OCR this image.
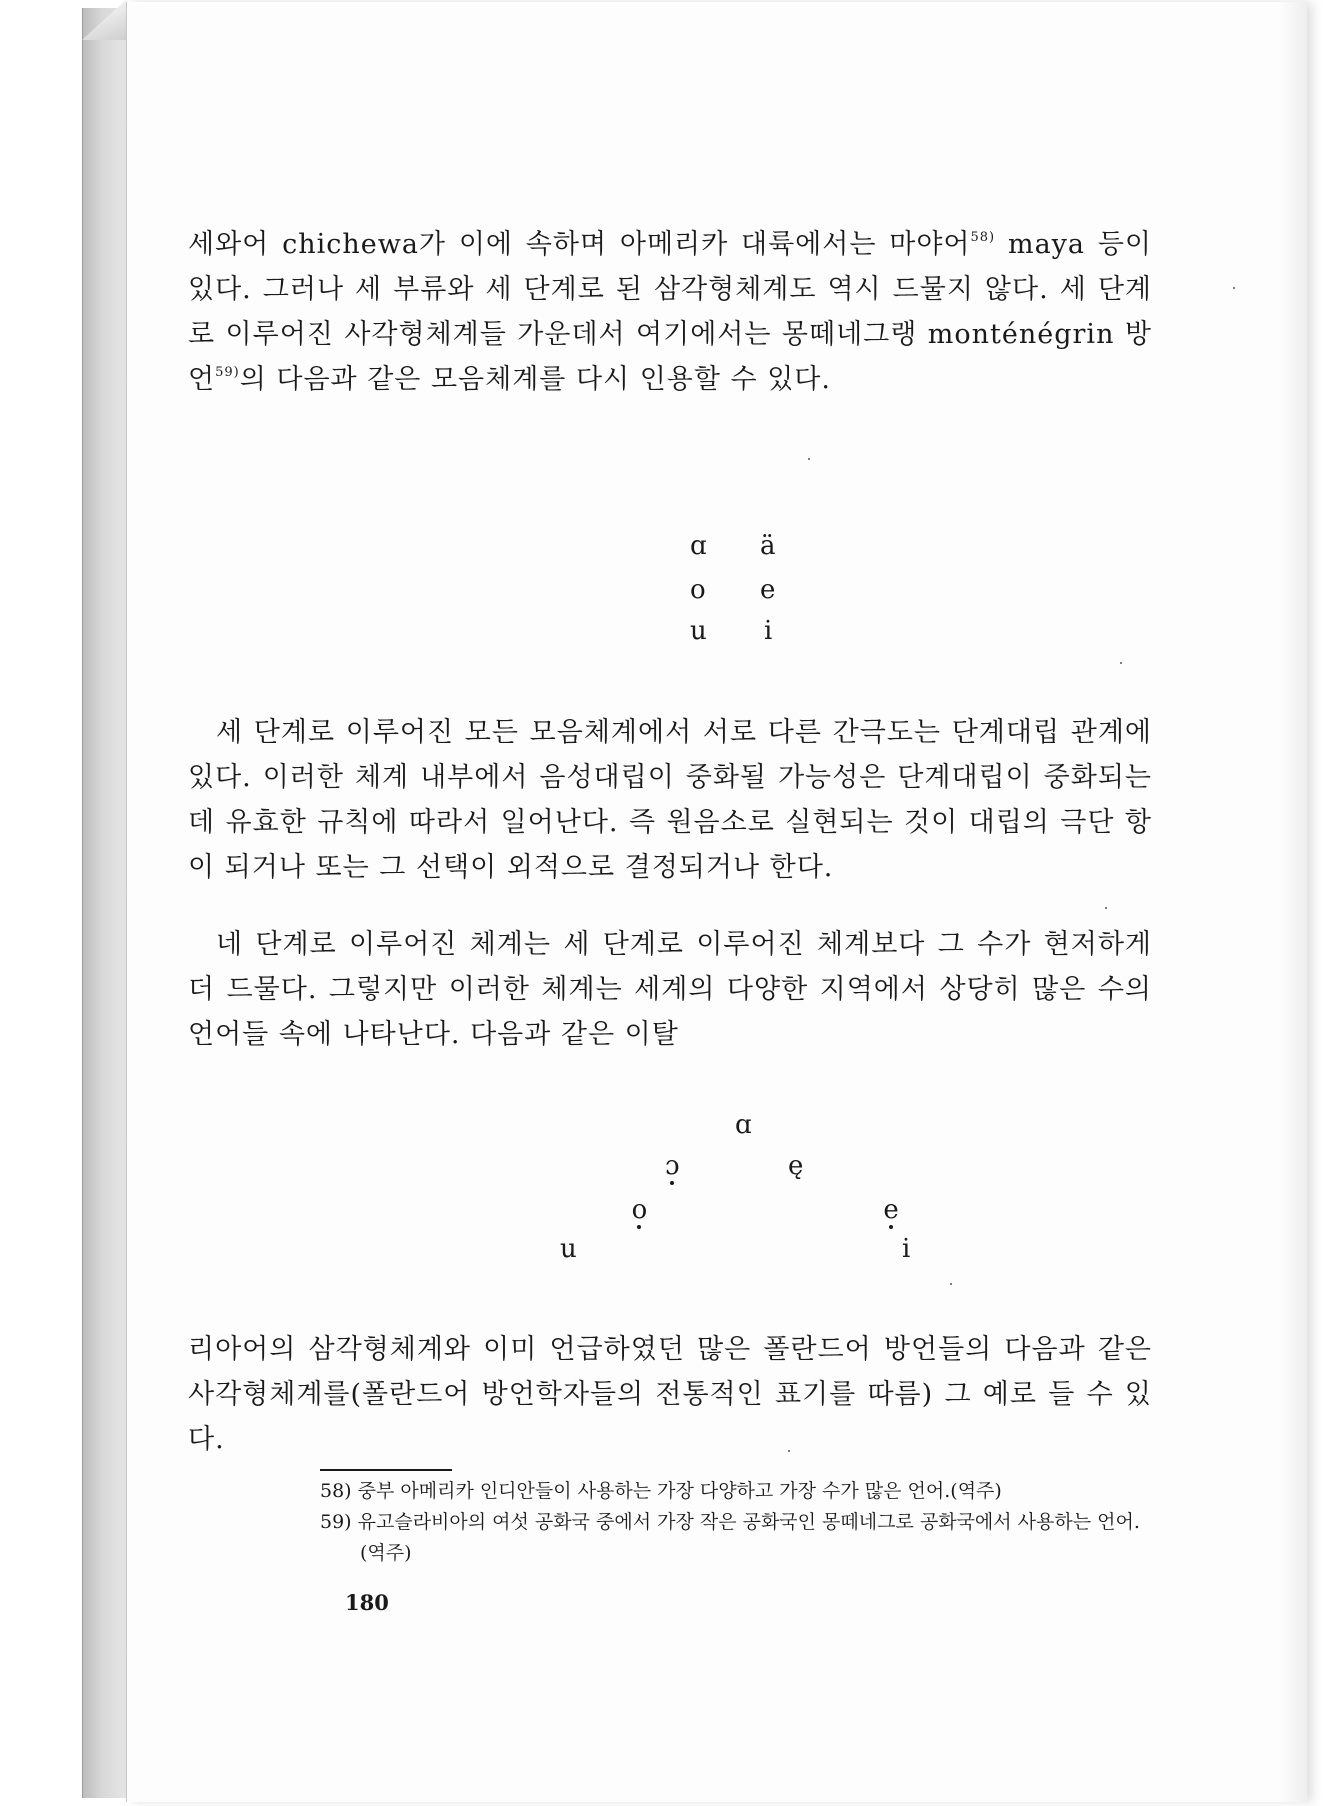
세와어 chichewa가 이에 속하며 아메리카 대륙에서는 마야어$^{58)}$ maya 등이 있다. 그러나 세 부류와 세 단계로 된 삼각형체계도 역시 드물지 않다. 세 단계로 이루어진 사각형체계들 가운데서 여기에서는 몽떼네그랭 monténégrin 방언$^{59)}$의 다음과 같은 모음체계를 다시 인용할 수 있다.

ɑ ä
o e
u i

세 단계로 이루어진 모든 모음체계에서 서로 다른 간극도는 단계대립 관계에 있다. 이러한 체계 내부에서 음성대립이 중화될 가능성은 단계대립이 중화되는 데 유효한 규칙에 따라서 일어난다. 즉 원음소로 실현되는 것이 대립의 극단 항이 되거나 또는 그 선택이 외적으로 결정되거나 한다.

네 단계로 이루어진 체계는 세 단계로 이루어진 체계보다 그 수가 현저하게 더 드물다. 그렇지만 이러한 체계는 세계의 다양한 지역에서 상당히 많은 수의 언어들 속에 나타난다. 다음과 같은 이탈

ɑ
ɔ	ę
o	e
u	i

리아어의 삼각형체계와 이미 언급하였던 많은 폴란드어 방언들의 다음과 같은 사각형체계를(폴란드어 방언학자들의 전통적인 표기를 따름) 그 예로 들 수 있다.

58) 중부 아메리카 인디안들이 사용하는 가장 다양하고 가장 수가 많은 언어.(역주)
59) 유고슬라비아의 여섯 공화국 중에서 가장 작은 공화국인 몽떼네그로 공화국에서 사용하는 언어. (역주)
180
